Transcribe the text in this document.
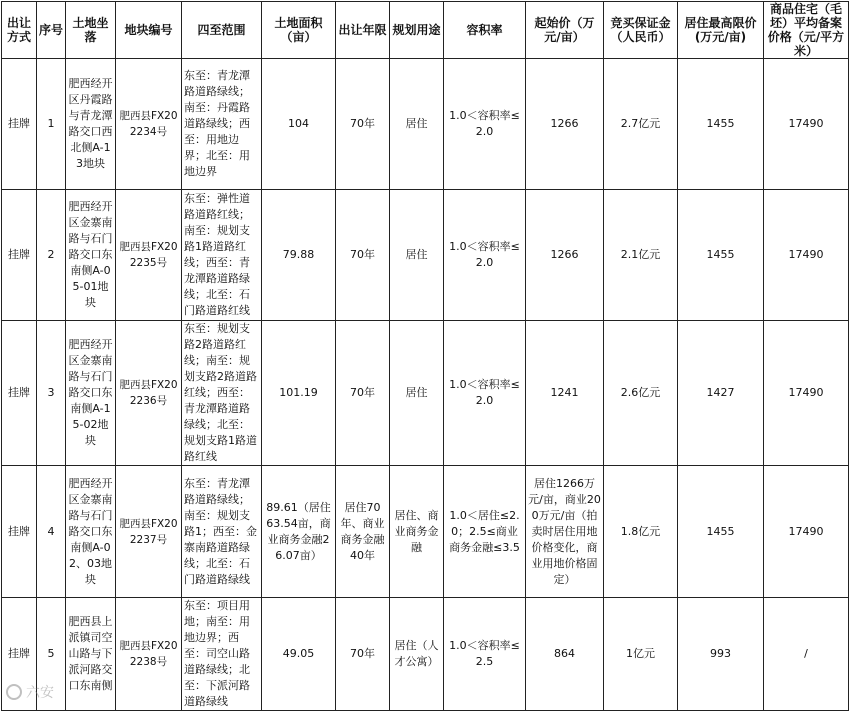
出让方式	序号	土地坐落	地块编号	四至范围	土地面积（亩）	出让年限	规划用途	容积率	起始价（万元/亩）	竞买保证金（人民币）	居住最高限价(万元/亩)	商品住宅（毛坯）平均备案价格（元/平方米）
挂牌	1	肥西经开区丹霞路与青龙潭路交口西北侧A-13地块	肥西县FX202234号	东至：青龙潭路道路绿线；南至：丹霞路道路绿线；西至：用地边界；北至：用地边界	104	70年	居住	1.0＜容积率≤2.0	1266	2.7亿元	1455	17490
挂牌	2	肥西经开区金寨南路与石门路交口东南侧A-05-01地块	肥西县FX202235号	东至：弹性道路道路红线；南至：规划支路1路道路红线；西至：青龙潭路道路绿线；北至：石门路道路红线	79.88	70年	居住	1.0＜容积率≤2.0	1266	2.1亿元	1455	17490
挂牌	3	肥西经开区金寨南路与石门路交口东南侧A-15-02地块	肥西县FX202236号	东至：规划支路2路道路红线；南至：规划支路2路道路红线；西至：青龙潭路道路绿线；北至：规划支路1路道路红线	101.19	70年	居住	1.0＜容积率≤2.0	1241	2.6亿元	1427	17490
挂牌	4	肥西经开区金寨南路与石门路交口东南侧A-02、03地块	肥西县FX202237号	东至：青龙潭路道路绿线；南至：规划支路1；西至：金寨南路道路绿线；北至：石门路道路绿线	89.61（居住63.54亩，商业商务金融26.07亩）	居住70年、商业商务金融40年	居住、商业商务金融	1.0＜居住≤2.0；2.5≤商业商务金融≤3.5	居住1266万元/亩，商业200万元/亩（拍卖时居住用地价格变化，商业用地价格固定）	1.8亿元	1455	17490
挂牌	5	肥西县上派镇司空山路与下派河路交口东南侧	肥西县FX202238号	东至：项目用地；南至：用地边界；西至：司空山路道路绿线；北至：下派河路道路绿线	49.05	70年	居住（人才公寓）	1.0＜容积率≤2.5	864	1亿元	993	/
六安
